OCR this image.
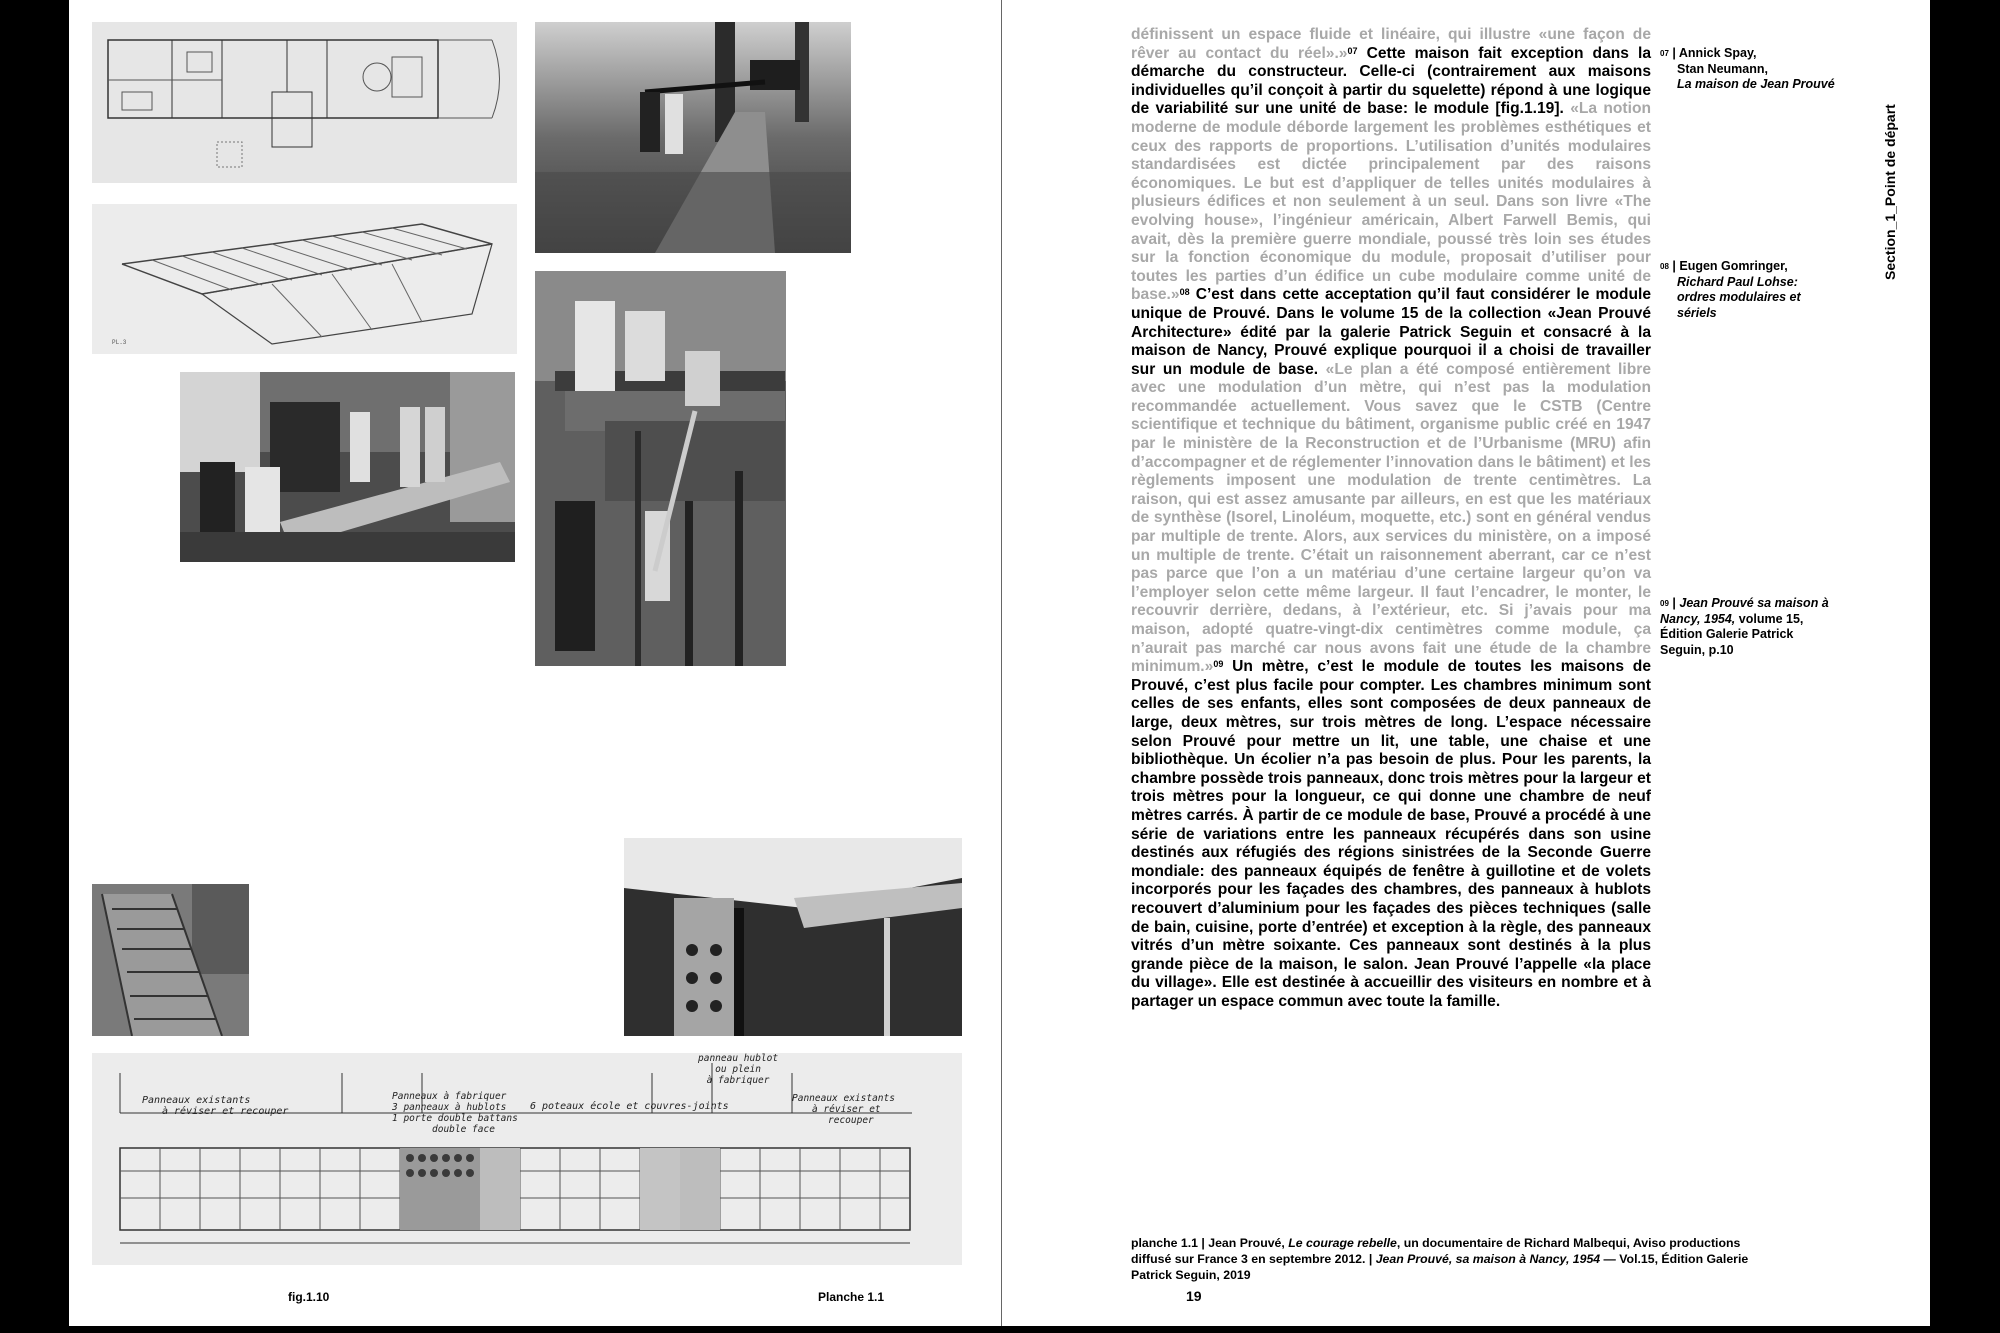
PL.3
Panneaux existants
à réviser et recouper
Panneaux à fabriquer
3 panneaux à hublots
1 porte double battans
double face
6 poteaux école et couvres-joints
panneau hublot
ou plein
à fabriquer
Panneaux existants
à réviser et
recouper
fig.1.10	Planche 1.1
définissent un espace fluide et linéaire, qui illustre «une façon de rêver au contact du réel».»$^{07}$ Cette maison fait exception dans la démarche du constructeur. Celle-ci (contrairement aux maisons individuelles qu’il conçoit à partir du squelette) répond à une logique de variabilité sur une unité de base: le module [fig.1.19]. «La notion moderne de module déborde largement les problèmes esthétiques et ceux des rapports de proportions. L’utilisation d’unités modulaires standardisées est dictée principalement par des raisons économiques. Le but est d’appliquer de telles unités modulaires à plusieurs édifices et non seulement à un seul. Dans son livre «The evolving house», l’ingénieur américain, Albert Farwell Bemis, qui avait, dès la première guerre mondiale, poussé très loin ses études sur la fonction économique du module, proposait d’utiliser pour toutes les parties d’un édifice un cube modulaire comme unité de base.»$^{08}$ C’est dans cette acceptation qu’il faut considérer le module unique de Prouvé. Dans le volume 15 de la collection «Jean Prouvé Architecture» édité par la galerie Patrick Seguin et consacré à la maison de Nancy, Prouvé explique pourquoi il a choisi de travailler sur un module de base. «Le plan a été composé entièrement libre avec une modulation d’un mètre, qui n’est pas la modulation recommandée actuellement. Vous savez que le CSTB (Centre scientifique et technique du bâtiment, organisme public créé en 1947 par le ministère de la Reconstruction et de l’Urbanisme (MRU) afin d’accompagner et de réglementer l’innovation dans le bâtiment) et les règlements imposent une modulation de trente centimètres. La raison, qui est assez amusante par ailleurs, en est que les matériaux de synthèse (Isorel, Linoléum, moquette, etc.) sont en général vendus par multiple de trente. Alors, aux services du ministère, on a imposé un multiple de trente. C’était un raisonnement aberrant, car ce n’est pas parce que l’on a un matériau d’une certaine largeur qu’on va l’employer selon cette même largeur. Il faut l’encadrer, le monter, le recouvrir derrière, dedans, à l’extérieur, etc. Si j’avais pour ma maison, adopté quatre-vingt-dix centimètres comme module, ça n’aurait pas marché car nous avons fait une étude de la chambre minimum.»$^{09}$ Un mètre, c’est le module de toutes les maisons de Prouvé, c’est plus facile pour compter. Les chambres minimum sont celles de ses enfants, elles sont composées de deux panneaux de large, deux mètres, sur trois mètres de long. L’espace nécessaire selon Prouvé pour mettre un lit, une table, une chaise et une bibliothèque. Un écolier n’a pas besoin de plus. Pour les parents, la chambre possède trois panneaux, donc trois mètres pour la largeur et trois mètres pour la longueur, ce qui donne une chambre de neuf mètres carrés. À partir de ce module de base, Prouvé a procédé à une série de variations entre les panneaux récupérés dans son usine destinés aux réfugiés des régions sinistrées de la Seconde Guerre mondiale: des panneaux équipés de fenêtre à guillotine et de volets incorporés pour les façades des chambres, des panneaux à hublots recouvert d’aluminium pour les façades des pièces techniques (salle de bain, cuisine, porte d’entrée) et exception à la règle, des panneaux vitrés d’un mètre soixante. Ces panneaux sont destinés à la plus grande pièce de la maison, le salon. Jean Prouvé l’appelle «la place du village». Elle est destinée à accueillir des visiteurs en nombre et à partager un espace commun avec toute la famille.
$^{07}$ | Annick Spay,
Stan Neumann,
La maison de Jean Prouvé
$^{08}$ | Eugen Gomringer,

Richard Paul Lohse: ordres modulaires et sériels
$^{09}$ | Jean Prouvé sa maison à Nancy, 1954, volume 15, Édition Galerie Patrick Seguin, p.10
Section_1_Point de départ
planche 1.1 | Jean Prouvé, Le courage rebelle, un documentaire de Richard Malbequi, Aviso productions diffusé sur France 3 en septembre 2012. | Jean Prouvé, sa maison à Nancy, 1954 — Vol.15, Édition Galerie Patrick Seguin, 2019
19
